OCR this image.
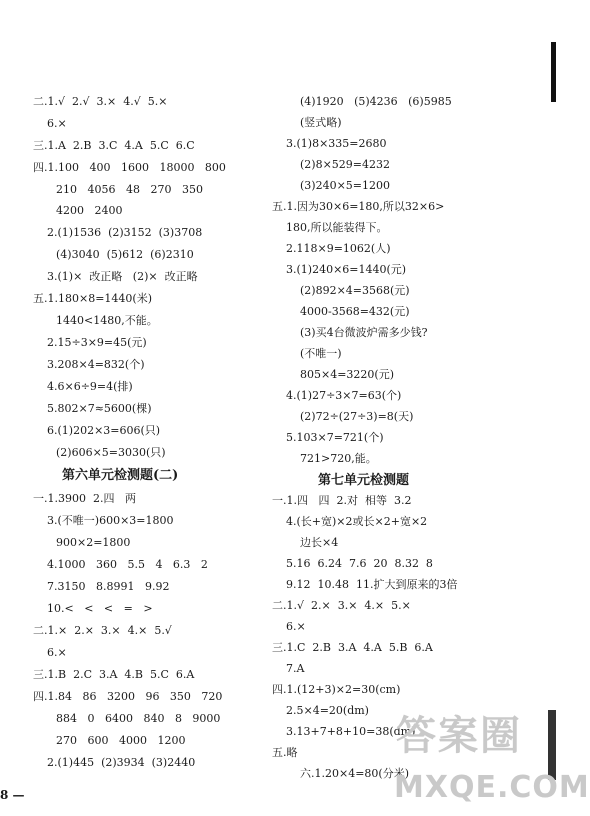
二.1.√  2.√  3.×  4.√  5.×
6.×
三.1.A  2.B  3.C  4.A  5.C  6.C
四.1.100   400   1600   18000   800
210   4056   48   270   350
4200   2400
2.(1)1536  (2)3152  (3)3708
(4)3040  (5)612  (6)2310
3.(1)×  改正略   (2)×  改正略
五.1.180×8=1440(米)
1440<1480,不能。
2.15÷3×9=45(元)
3.208×4=832(个)
4.6×6÷9=4(排)
5.802×7≈5600(棵)
6.(1)202×3=606(只)
(2)606×5=3030(只)
第六单元检测题(二)
一.1.3900  2.四   两
3.(不唯一)600×3=1800
900×2=1800
4.1000   360   5.5   4   6.3   2
7.3150   8.8991   9.92
10.<   <   <   =   >
二.1.×  2.×  3.×  4.×  5.√
6.×
三.1.B  2.C  3.A  4.B  5.C  6.A
四.1.84   86   3200   96   350   720
884   0   6400   840   8   9000
270   600   4000   1200
2.(1)445  (2)3934  (3)2440
(4)1920   (5)4236   (6)5985
(竖式略)
3.(1)8×335=2680
(2)8×529=4232
(3)240×5=1200
五.1.因为30×6=180,所以32×6>
180,所以能装得下。
2.118×9=1062(人)
3.(1)240×6=1440(元)
(2)892×4=3568(元)
4000-3568=432(元)
(3)买4台微波炉需多少钱?
(不唯一)
805×4=3220(元)
4.(1)27÷3×7=63(个)
(2)72÷(27÷3)=8(天)
5.103×7=721(个)
721>720,能。
第七单元检测题
一.1.四   四  2.对  相等  3.2
4.(长+宽)×2或长×2+宽×2
边长×4
5.16  6.24  7.6  20  8.32  8
9.12  10.48  11.扩大到原来的3倍
二.1.√  2.×  3.×  4.×  5.×
6.×
三.1.C  2.B  3.A  4.A  5.B  6.A
7.A
四.1.(12+3)×2=30(cm)
2.5×4=20(dm)
3.13+7+8+10=38(dm)
五.略
六.1.20×4=80(分米)
8 —
答案圈
MXQE.COM
